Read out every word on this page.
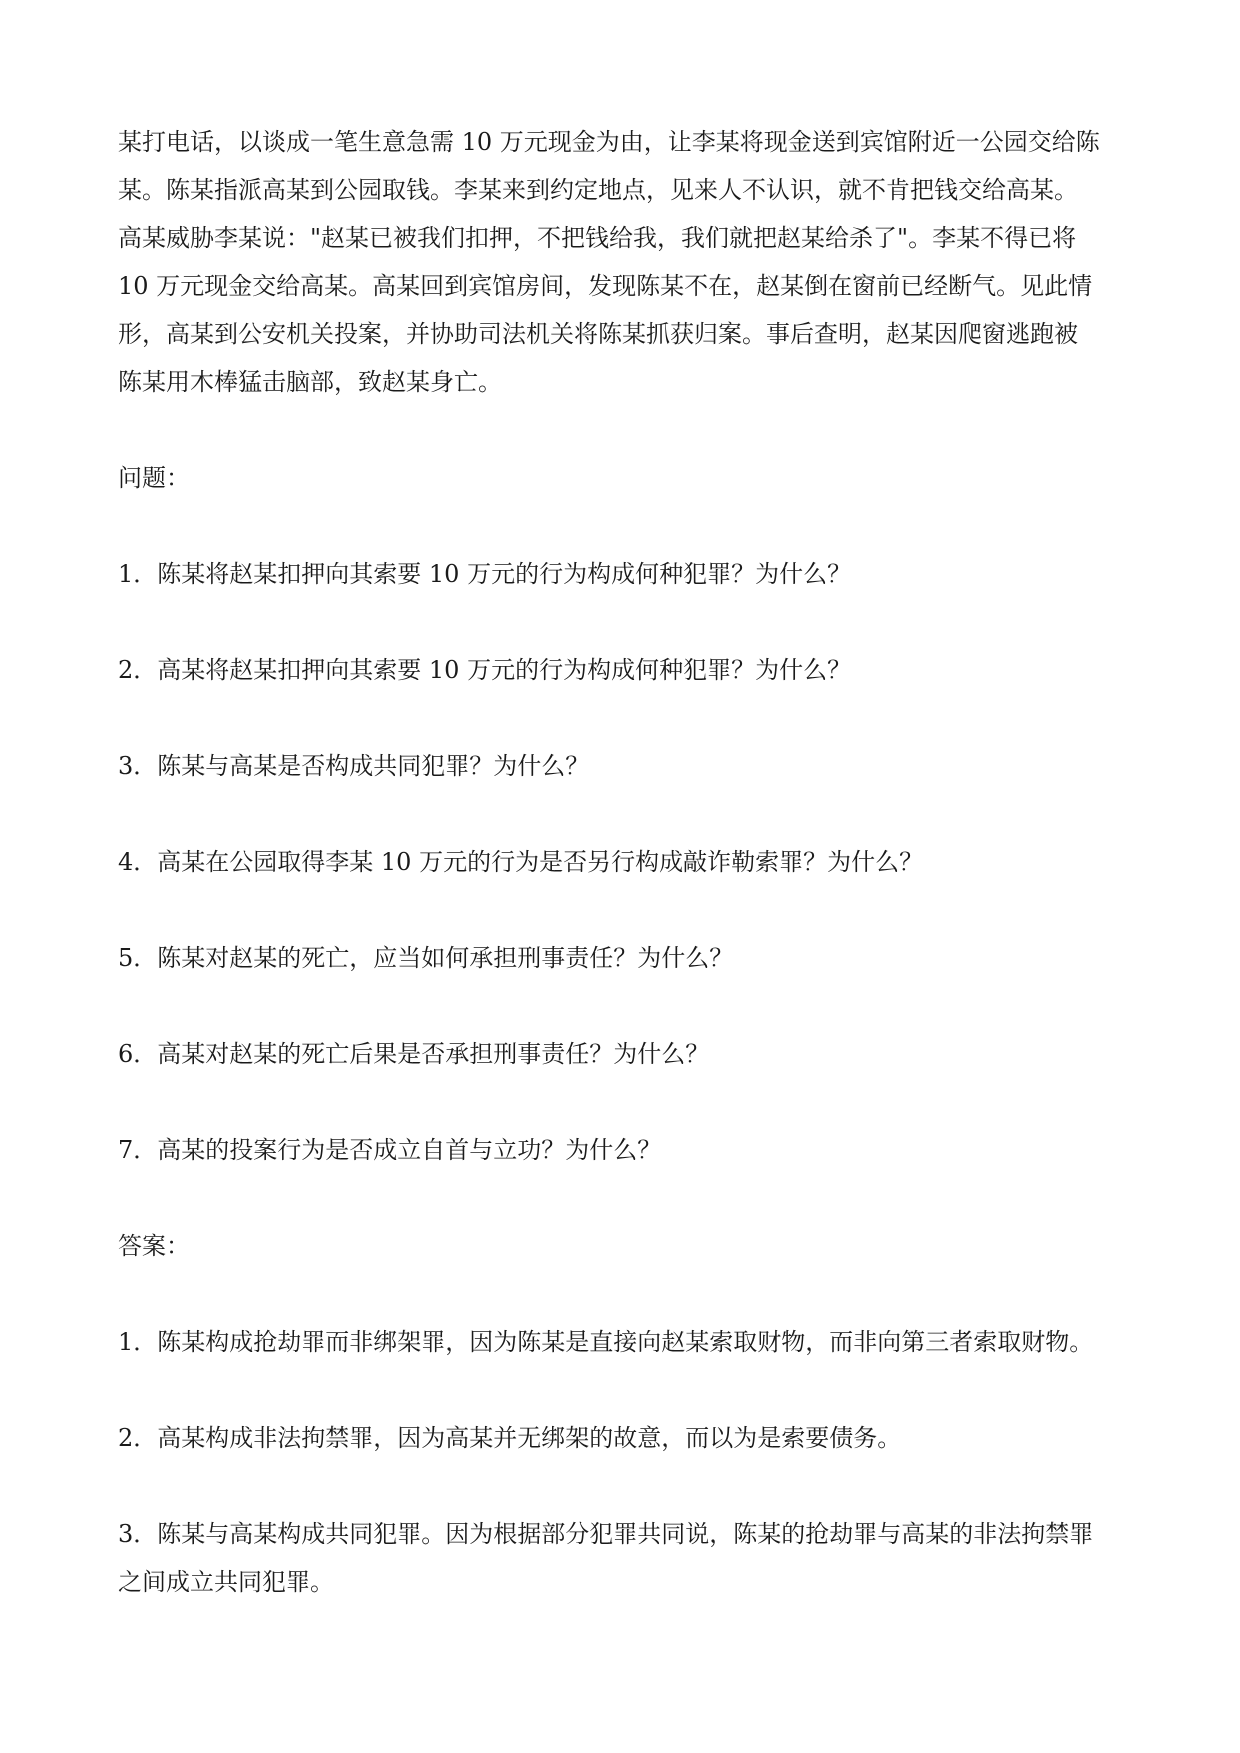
某打电话，以谈成一笔生意急需 10 万元现金为由，让李某将现金送到宾馆附近一公园交给陈
某。陈某指派高某到公园取钱。李某来到约定地点，见来人不认识，就不肯把钱交给高某。
高某威胁李某说："赵某已被我们扣押，不把钱给我，我们就把赵某给杀了"。李某不得已将
10 万元现金交给高某。高某回到宾馆房间，发现陈某不在，赵某倒在窗前已经断气。见此情
形，高某到公安机关投案，并协助司法机关将陈某抓获归案。事后查明，赵某因爬窗逃跑被
陈某用木棒猛击脑部，致赵某身亡。
问题：
1．陈某将赵某扣押向其索要 10 万元的行为构成何种犯罪？为什么？
2．高某将赵某扣押向其索要 10 万元的行为构成何种犯罪？为什么？
3．陈某与高某是否构成共同犯罪？为什么？
4．高某在公园取得李某 10 万元的行为是否另行构成敲诈勒索罪？为什么？
5．陈某对赵某的死亡，应当如何承担刑事责任？为什么？
6．高某对赵某的死亡后果是否承担刑事责任？为什么？
7．高某的投案行为是否成立自首与立功？为什么？
答案：
1．陈某构成抢劫罪而非绑架罪，因为陈某是直接向赵某索取财物，而非向第三者索取财物。
2．高某构成非法拘禁罪，因为高某并无绑架的故意，而以为是索要债务。
3．陈某与高某构成共同犯罪。因为根据部分犯罪共同说，陈某的抢劫罪与高某的非法拘禁罪
之间成立共同犯罪。
